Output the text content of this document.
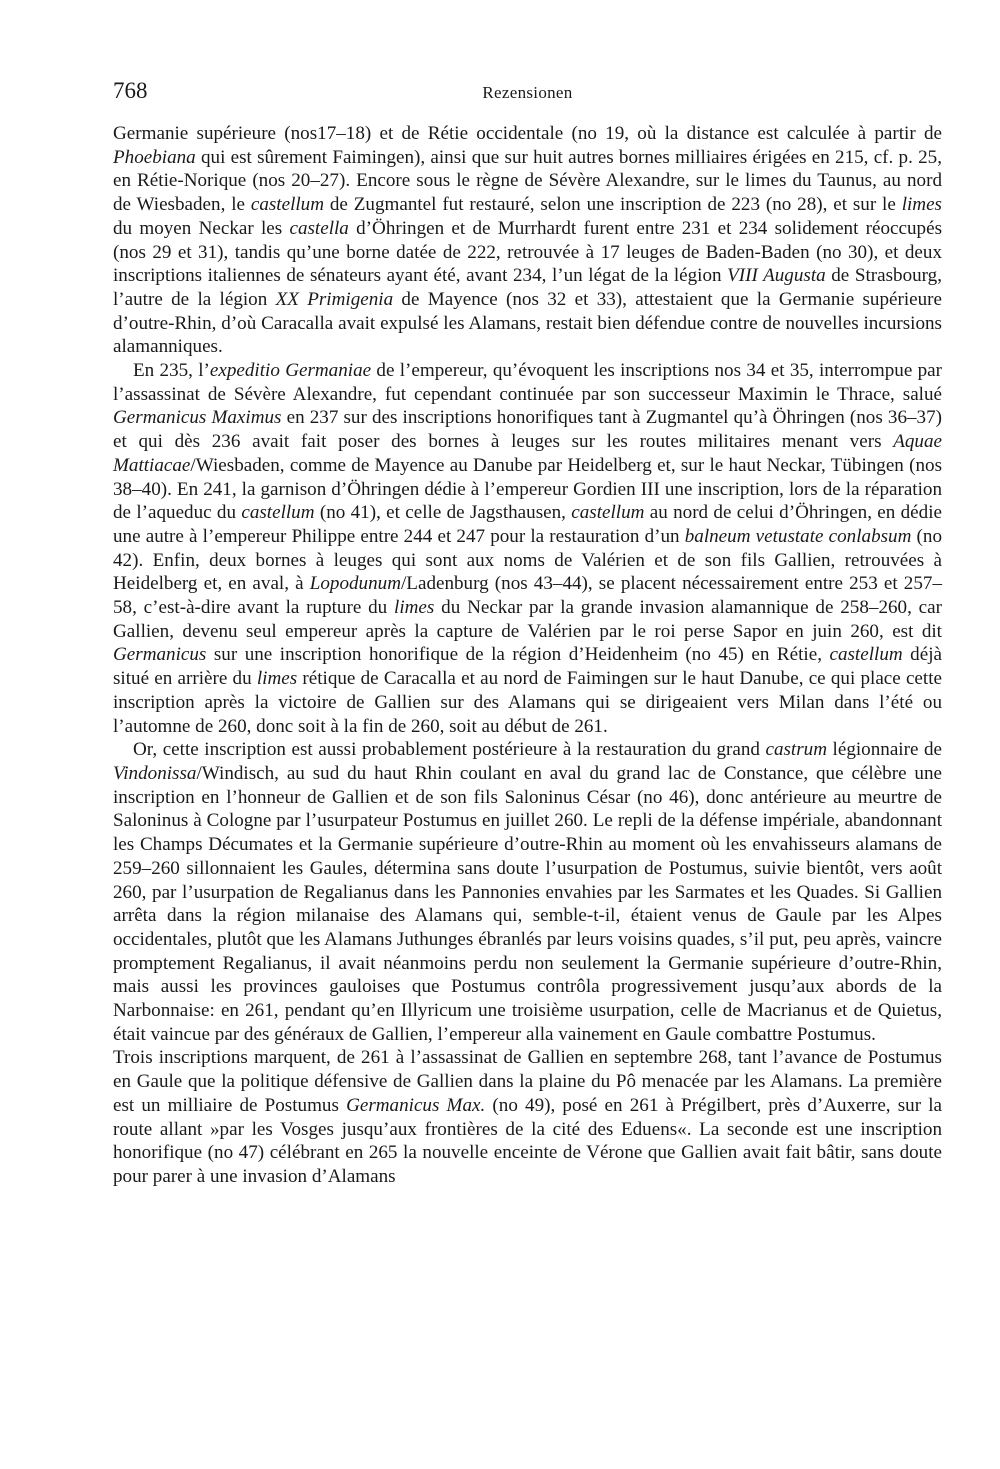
768	Rezensionen

Germanie supérieure (nos17–18) et de Rétie occidentale (no 19, où la distance est calculée à partir de Phoebiana qui est sûrement Faimingen), ainsi que sur huit autres bornes milliaires érigées en 215, cf. p. 25, en Rétie-Norique (nos 20–27). Encore sous le règne de Sévère Alexandre, sur le limes du Taunus, au nord de Wiesbaden, le castellum de Zugmantel fut restauré, selon une inscription de 223 (no 28), et sur le limes du moyen Neckar les castella d’Öhringen et de Murrhardt furent entre 231 et 234 solidement réoccupés (nos 29 et 31), tandis qu’une borne datée de 222, retrouvée à 17 leuges de Baden-Baden (no 30), et deux inscriptions italiennes de sénateurs ayant été, avant 234, l’un légat de la légion VIII Augusta de Strasbourg, l’autre de la légion XX Primigenia de Mayence (nos 32 et 33), attestaient que la Germanie supérieure d’outre-Rhin, d’où Caracalla avait expulsé les Alamans, restait bien défendue contre de nouvelles incursions alamanniques.

En 235, l’expeditio Germaniae de l’empereur, qu’évoquent les inscriptions nos 34 et 35, interrompue par l’assassinat de Sévère Alexandre, fut cependant continuée par son successeur Maximin le Thrace, salué Germanicus Maximus en 237 sur des inscriptions honorifiques tant à Zugmantel qu’à Öhringen (nos 36–37) et qui dès 236 avait fait poser des bornes à leuges sur les routes militaires menant vers Aquae Mattiacae/Wiesbaden, comme de Mayence au Danube par Heidelberg et, sur le haut Neckar, Tübingen (nos 38–40). En 241, la garnison d’Öhringen dédie à l’empereur Gordien III une inscription, lors de la réparation de l’aqueduc du castellum (no 41), et celle de Jagsthausen, castellum au nord de celui d’Öhringen, en dédie une autre à l’empereur Philippe entre 244 et 247 pour la restauration d’un balneum vetustate conlabsum (no 42). Enfin, deux bornes à leuges qui sont aux noms de Valérien et de son fils Gallien, retrouvées à Heidelberg et, en aval, à Lopodunum/Ladenburg (nos 43–44), se placent nécessairement entre 253 et 257–58, c’est-à-dire avant la rupture du limes du Neckar par la grande invasion alamannique de 258–260, car Gallien, devenu seul empereur après la capture de Valérien par le roi perse Sapor en juin 260, est dit Germanicus sur une inscription honorifique de la région d’Heidenheim (no 45) en Rétie, castellum déjà situé en arrière du limes rétique de Caracalla et au nord de Faimingen sur le haut Danube, ce qui place cette inscription après la victoire de Gallien sur des Alamans qui se dirigeaient vers Milan dans l’été ou l’automne de 260, donc soit à la fin de 260, soit au début de 261.

Or, cette inscription est aussi probablement postérieure à la restauration du grand castrum légionnaire de Vindonissa/Windisch, au sud du haut Rhin coulant en aval du grand lac de Constance, que célèbre une inscription en l’honneur de Gallien et de son fils Saloninus César (no 46), donc antérieure au meurtre de Saloninus à Cologne par l’usurpateur Postumus en juillet 260. Le repli de la défense impériale, abandonnant les Champs Décumates et la Germanie supérieure d’outre-Rhin au moment où les envahisseurs alamans de 259–260 sillonnaient les Gaules, détermina sans doute l’usurpation de Postumus, suivie bientôt, vers août 260, par l’usurpation de Regalianus dans les Pannonies envahies par les Sarmates et les Quades. Si Gallien arrêta dans la région milanaise des Alamans qui, semble-t-il, étaient venus de Gaule par les Alpes occidentales, plutôt que les Alamans Juthunges ébranlés par leurs voisins quades, s’il put, peu après, vaincre promptement Regalianus, il avait néanmoins perdu non seulement la Germanie supérieure d’outre-Rhin, mais aussi les provinces gauloises que Postumus contrôla progressivement jusqu’aux abords de la Narbonnaise: en 261, pendant qu’en Illyricum une troisième usurpation, celle de Macrianus et de Quietus, était vaincue par des généraux de Gallien, l’empereur alla vainement en Gaule combattre Postumus.

Trois inscriptions marquent, de 261 à l’assassinat de Gallien en septembre 268, tant l’avance de Postumus en Gaule que la politique défensive de Gallien dans la plaine du Pô menacée par les Alamans. La première est un milliaire de Postumus Germanicus Max. (no 49), posé en 261 à Prégilbert, près d’Auxerre, sur la route allant »par les Vosges jusqu’aux frontières de la cité des Eduens«. La seconde est une inscription honorifique (no 47) célébrant en 265 la nouvelle enceinte de Vérone que Gallien avait fait bâtir, sans doute pour parer à une invasion d’Alamans
